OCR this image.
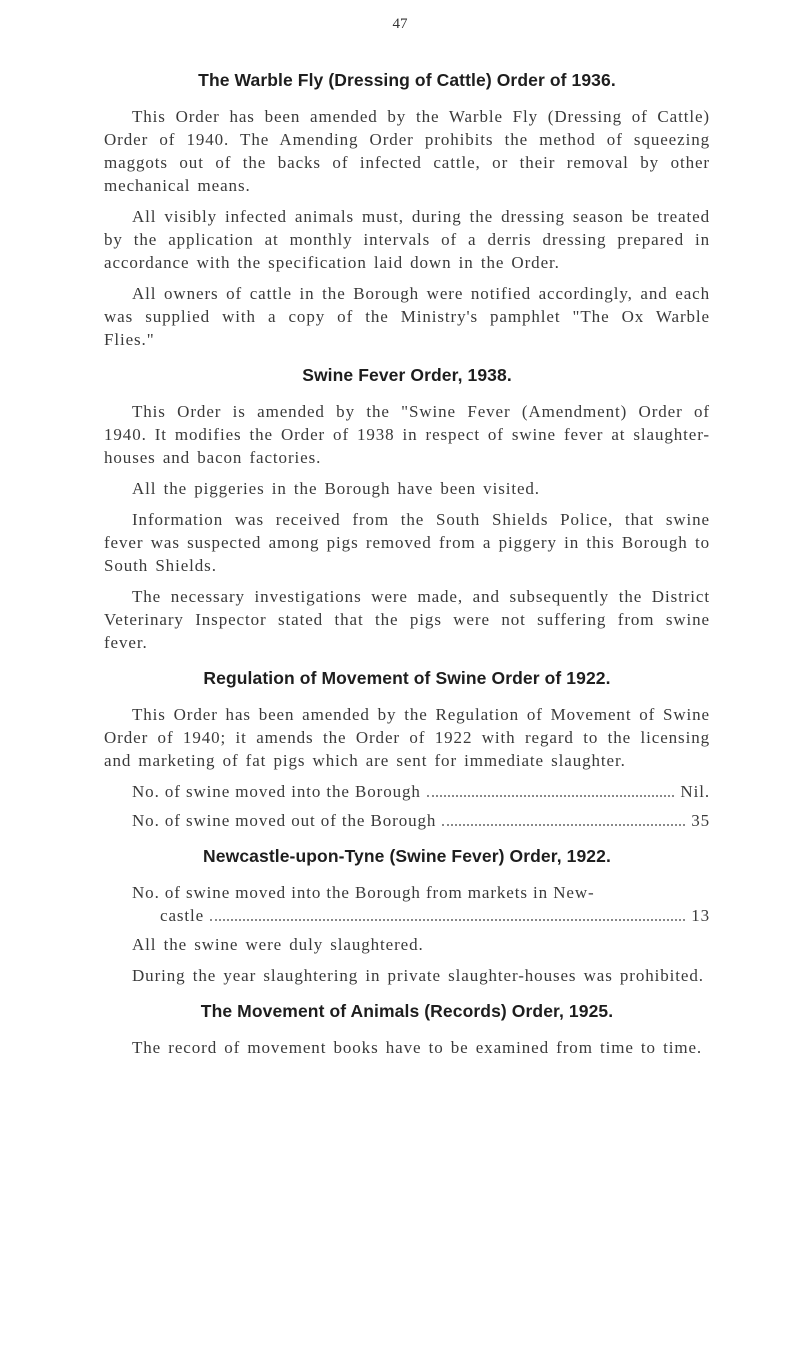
47
The Warble Fly (Dressing of Cattle) Order of 1936.

This Order has been amended by the Warble Fly (Dressing of Cattle) Order of 1940. The Amending Order prohibits the method of squeezing maggots out of the backs of infected cattle, or their removal by other mechanical means.

All visibly infected animals must, during the dressing season be treated by the application at monthly intervals of a derris dressing prepared in accordance with the specification laid down in the Order.

All owners of cattle in the Borough were notified accordingly, and each was supplied with a copy of the Ministry's pamphlet "The Ox Warble Flies."

Swine Fever Order, 1938.

This Order is amended by the "Swine Fever (Amendment) Order of 1940. It modifies the Order of 1938 in respect of swine fever at slaughter-houses and bacon factories.

All the piggeries in the Borough have been visited.

Information was received from the South Shields Police, that swine fever was suspected among pigs removed from a piggery in this Borough to South Shields.

The necessary investigations were made, and subsequently the District Veterinary Inspector stated that the pigs were not suffering from swine fever.

Regulation of Movement of Swine Order of 1922.

This Order has been amended by the Regulation of Movement of Swine Order of 1940; it amends the Order of 1922 with regard to the licensing and marketing of fat pigs which are sent for immediate slaughter.

No. of swine moved into the Borough	Nil.
No. of swine moved out of the Borough	35
Newcastle-upon-Tyne (Swine Fever) Order, 1922.
No. of swine moved into the Borough from markets in New-
castle	13

All the swine were duly slaughtered.

During the year slaughtering in private slaughter-houses was prohibited.

The Movement of Animals (Records) Order, 1925.

The record of movement books have to be examined from time to time.
